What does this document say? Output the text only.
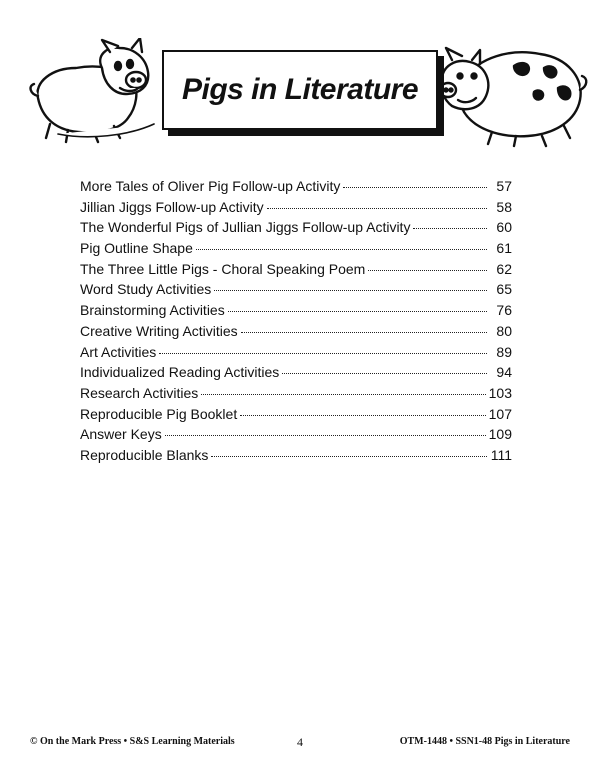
Pigs in Literature
More Tales of Oliver Pig Follow-up Activity	57
Jillian Jiggs Follow-up Activity	58
The Wonderful Pigs of Jullian Jiggs Follow-up Activity	60
Pig Outline Shape	61
The Three Little Pigs - Choral Speaking Poem	62
Word Study Activities	65
Brainstorming Activities	76
Creative Writing Activities	80
Art Activities	89
Individualized Reading Activities	94
Research Activities	103
Reproducible Pig Booklet	107
Answer Keys	109
Reproducible Blanks	111
© On the Mark Press • S&S Learning Materials	4	OTM-1448 • SSN1-48 Pigs in Literature
